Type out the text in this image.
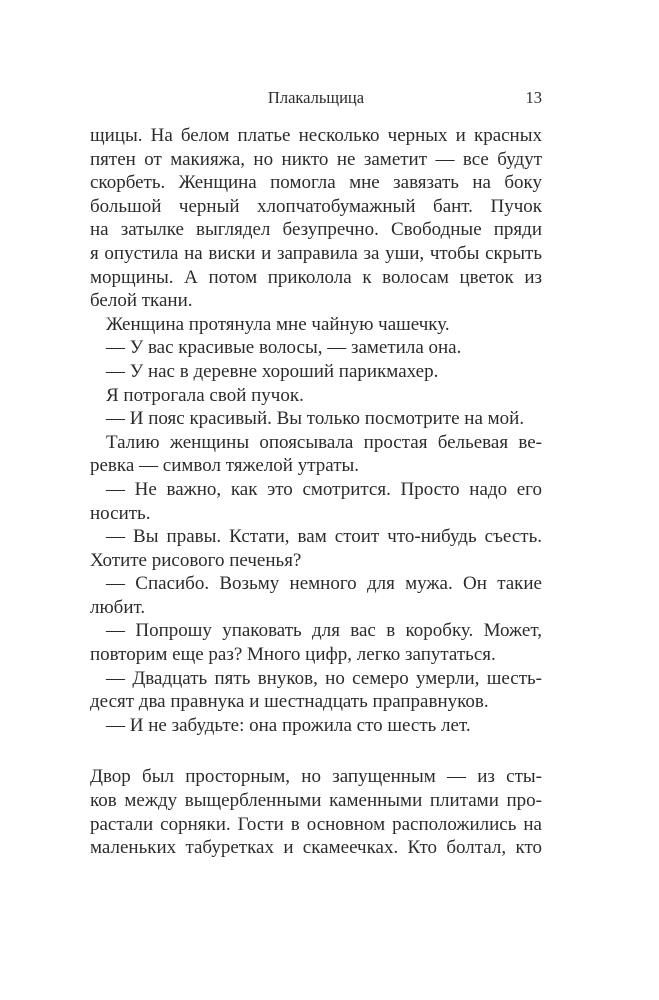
Плакальщица	13
щицы. На белом платье несколько черных и красных
пятен от макияжа, но никто не заметит — все будут
скорбеть. Женщина помогла мне завязать на боку
большой черный хлопчатобумажный бант. Пучок
на затылке выглядел безупречно. Свободные пряди
я опустила на виски и заправила за уши, чтобы скрыть
морщины. А потом приколола к волосам цветок из
белой ткани.
Женщина протянула мне чайную чашечку.
— У вас красивые волосы, — заметила она.
— У нас в деревне хороший парикмахер.
Я потрогала свой пучок.
— И пояс красивый. Вы только посмотрите на мой.
Талию женщины опоясывала простая бельевая ве-
ревка — символ тяжелой утраты.
— Не важно, как это смотрится. Просто надо его
носить.
— Вы правы. Кстати, вам стоит что-нибудь съесть.
Хотите рисового печенья?
— Спасибо. Возьму немного для мужа. Он такие
любит.
— Попрошу упаковать для вас в коробку. Может,
повторим еще раз? Много цифр, легко запутаться.
— Двадцать пять внуков, но семеро умерли, шесть-
десят два правнука и шестнадцать праправнуков.
— И не забудьте: она прожила сто шесть лет.
Двор был просторным, но запущенным — из сты-
ков между выщербленными каменными плитами про-
растали сорняки. Гости в основном расположились на
маленьких табуретках и скамеечках. Кто болтал, кто
